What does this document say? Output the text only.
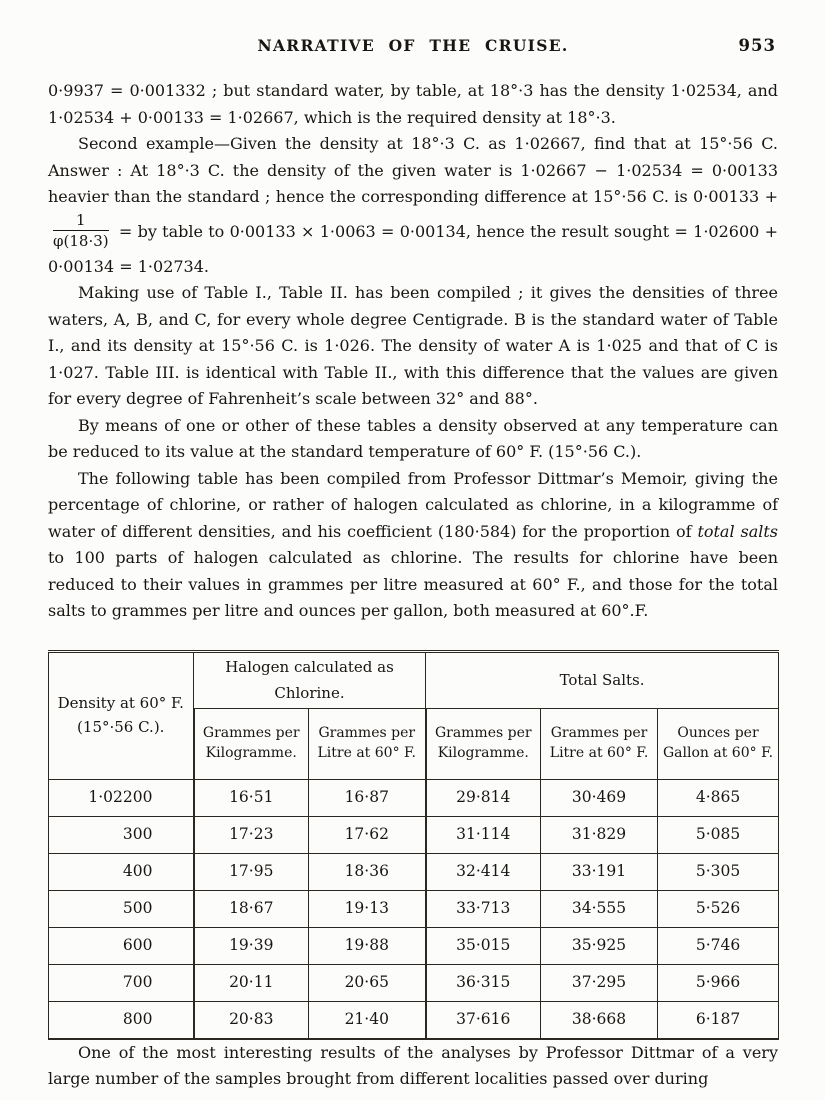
NARRATIVE OF THE CRUISE.	953

0·9937 = 0·001332 ; but standard water, by table, at 18°·3 has the density 1·02534, and 1·02534 + 0·00133 = 1·02667, which is the required density at 18°·3.

Second example—Given the density at 18°·3 C. as 1·02667, find that at 15°·56 C. Answer : At 18°·3 C. the density of the given water is 1·02667 − 1·02534 = 0·00133 heavier than the standard ; hence the corresponding difference at 15°·56 C. is 0·00133 +
$\frac{1}{\varphi(18\cdot 3)}$ = by table to 0·00133 × 1·0063 = 0·00134, hence the result sought = 1·02600 + 0·00134 = 1·02734.

Making use of Table I., Table II. has been compiled ; it gives the densities of three waters, A, B, and C, for every whole degree Centigrade. B is the standard water of Table I., and its density at 15°·56 C. is 1·026. The density of water A is 1·025 and that of C is 1·027. Table III. is identical with Table II., with this difference that the values are given for every degree of Fahrenheit’s scale between 32° and 88°.

By means of one or other of these tables a density observed at any temperature can be reduced to its value at the standard temperature of 60° F. (15°·56 C.).

The following table has been compiled from Professor Dittmar’s Memoir, giving the percentage of chlorine, or rather of halogen calculated as chlorine, in a kilogramme of water of different densities, and his coefficient (180·584) for the proportion of total salts to 100 parts of halogen calculated as chlorine. The results for chlorine have been reduced to their values in grammes per litre measured at 60° F., and those for the total salts to grammes per litre and ounces per gallon, both measured at 60°.F.

Density at 60° F.
(15°·56 C.).	Halogen calculated as Chlorine.		Total Salts.		
	Grammes per Kilogramme.	Grammes per Litre at 60° F.	Grammes per Kilogramme.	Grammes per Litre at 60° F.	Ounces per Gallon at 60° F.
1·02200	16·51	16·87	29·814	30·469	4·865
300	17·23	17·62	31·114	31·829	5·085
400	17·95	18·36	32·414	33·191	5·305
500	18·67	19·13	33·713	34·555	5·526
600	19·39	19·88	35·015	35·925	5·746
700	20·11	20·65	36·315	37·295	5·966
800	20·83	21·40	37·616	38·668	6·187

One of the most interesting results of the analyses by Professor Dittmar of a very large number of the samples brought from different localities passed over during
